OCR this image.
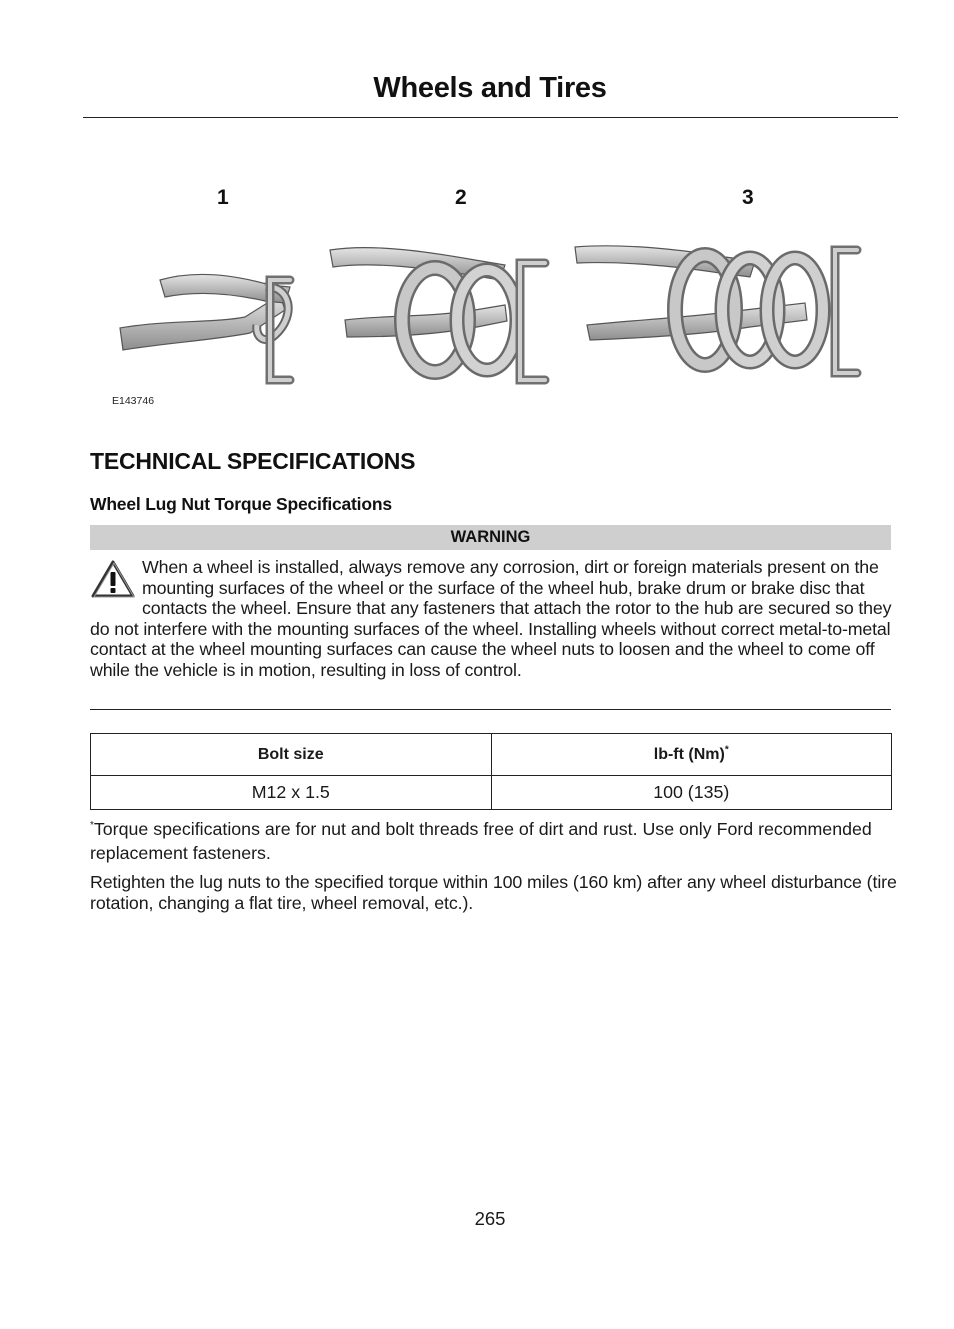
Wheels and Tires
1	2	3
E143746
TECHNICAL SPECIFICATIONS
Wheel Lug Nut Torque Specifications
WARNING
When a wheel is installed, always remove any corrosion, dirt or foreign materials present on the mounting surfaces of the wheel or the surface of the wheel hub, brake drum or brake disc that contacts the wheel. Ensure that any fasteners that attach the rotor to the hub are secured so they do not interfere with the mounting surfaces of the wheel. Installing wheels without correct metal-to-metal contact at the wheel mounting surfaces can cause the wheel nuts to loosen and the wheel to come off while the vehicle is in motion, resulting in loss of control.
Bolt size	lb-ft (Nm)*
M12 x 1.5	100 (135)
*Torque specifications are for nut and bolt threads free of dirt and rust. Use only Ford recommended replacement fasteners.
Retighten the lug nuts to the specified torque within 100 miles (160 km) after any wheel disturbance (tire rotation, changing a flat tire, wheel removal, etc.).
265
